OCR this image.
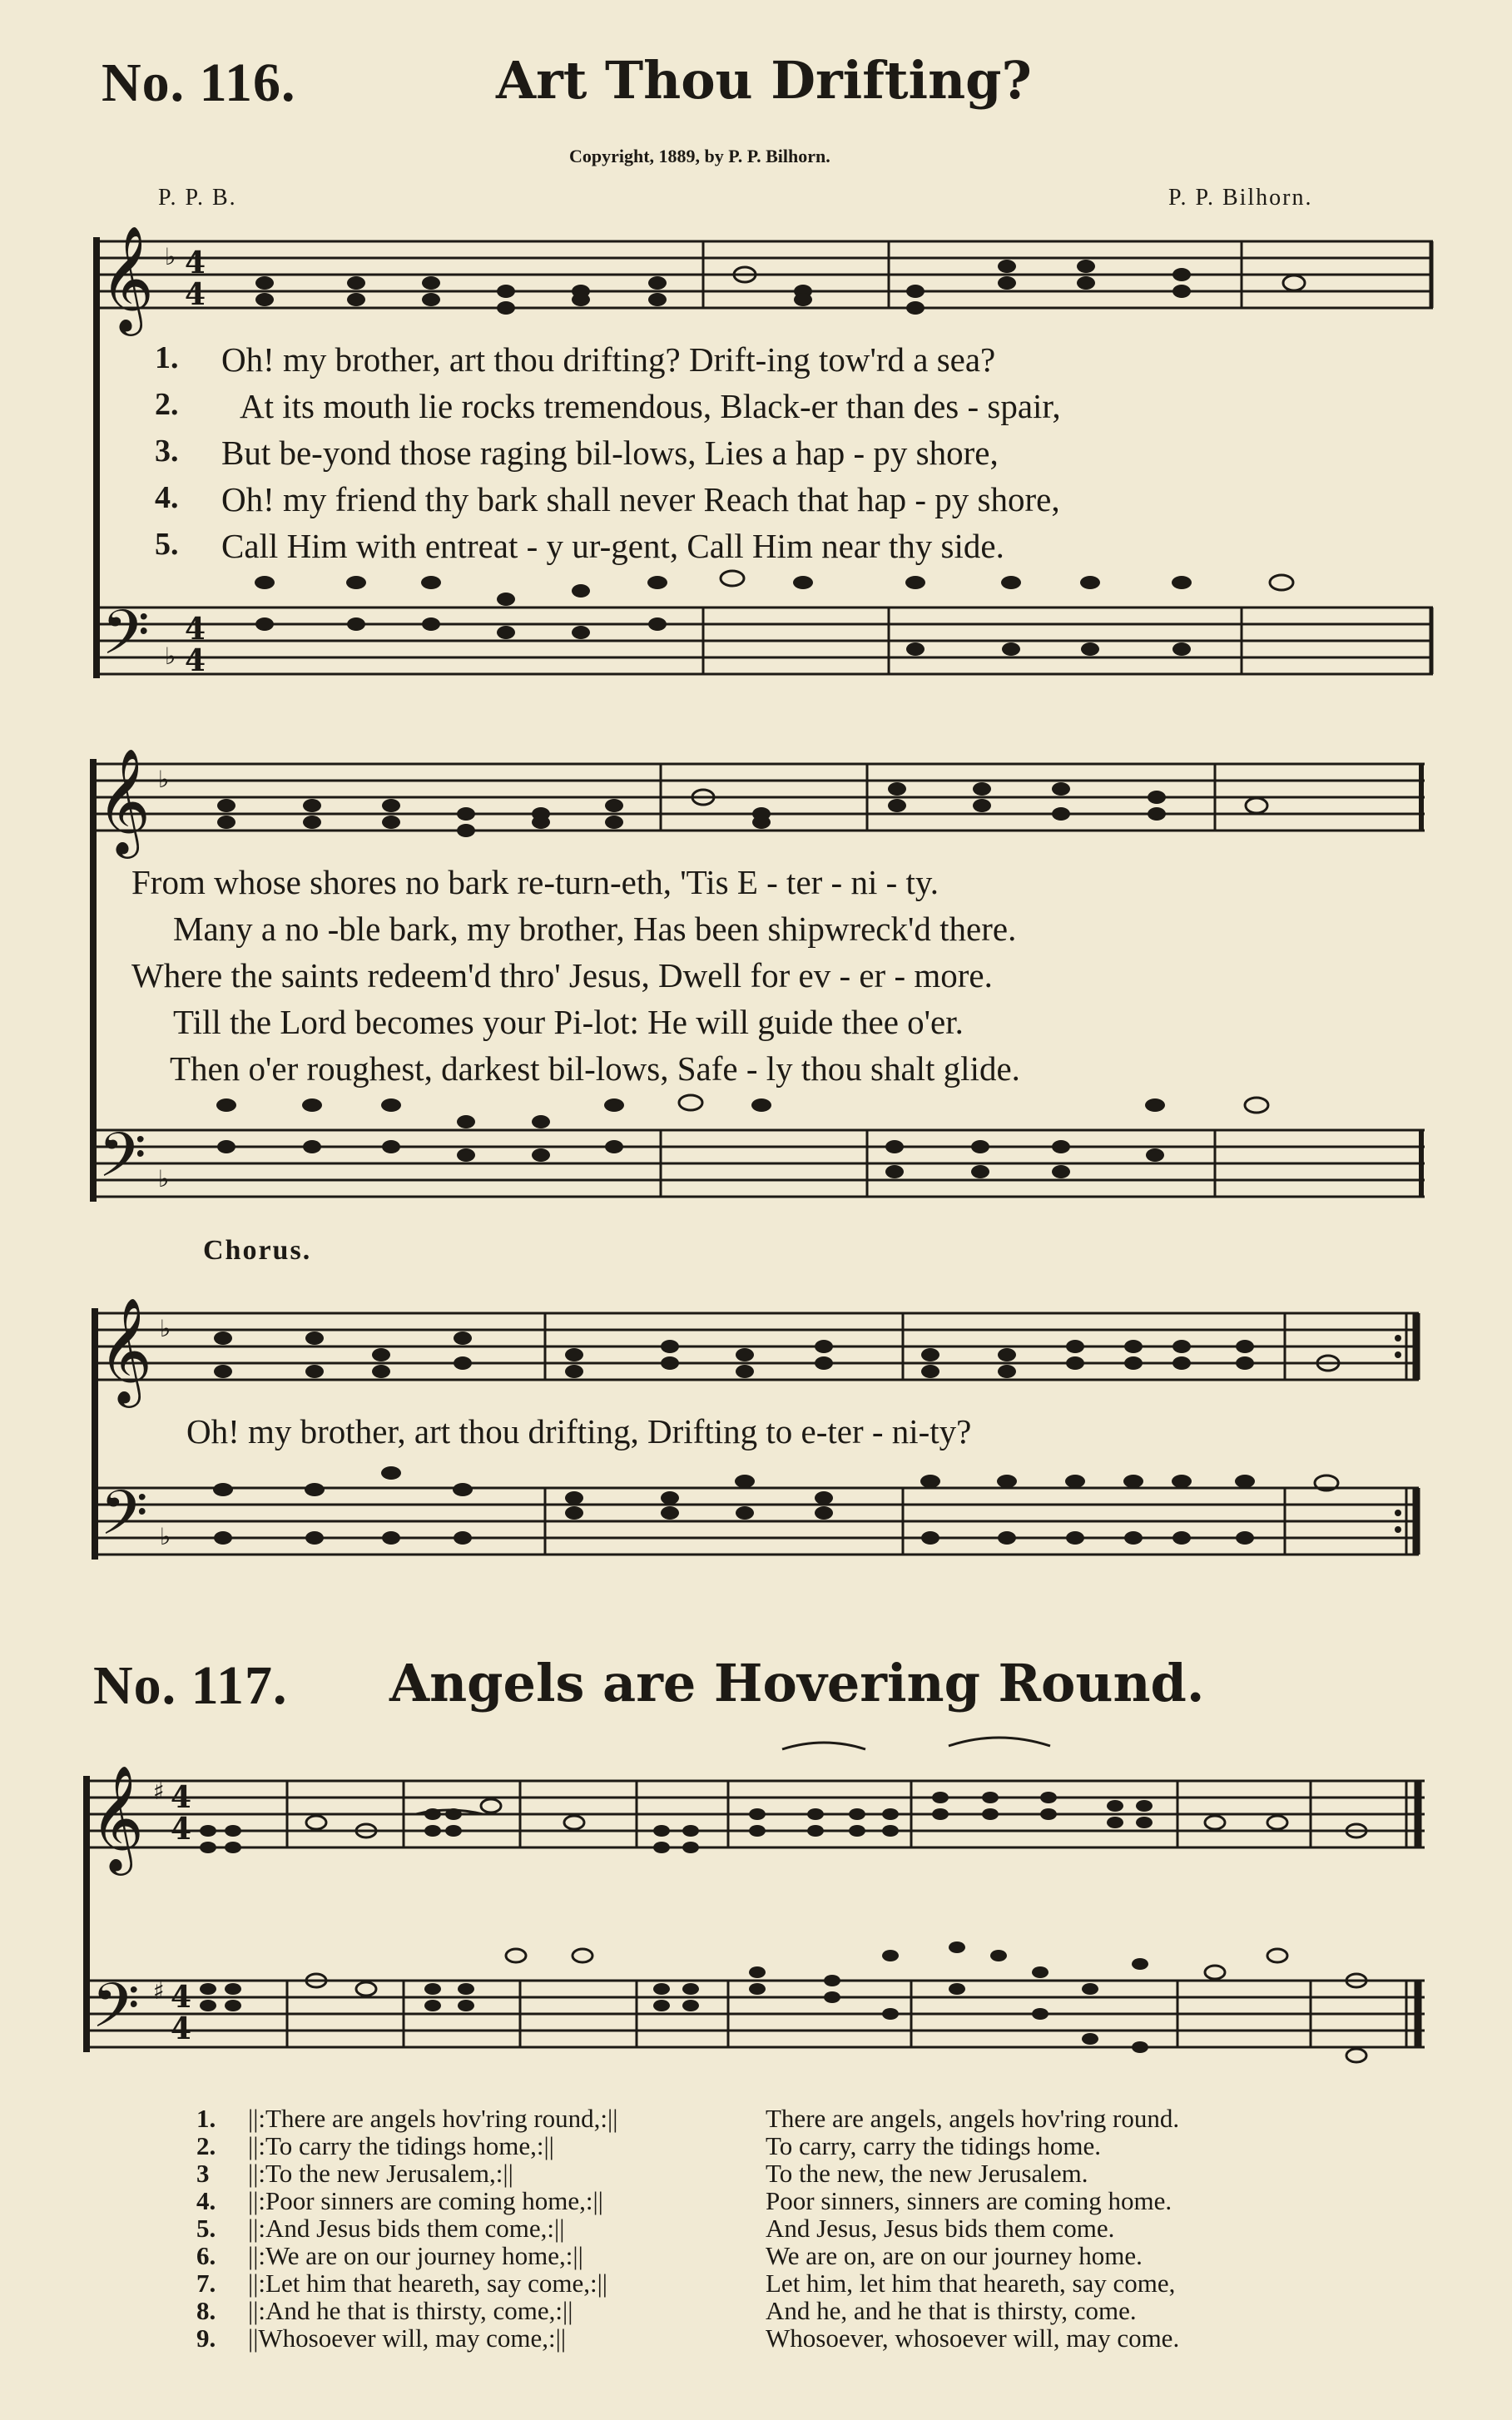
No. 116.	Art Thou Drifting?
Copyright, 1889, by P. P. Bilhorn.
P. P. B.	P. P. Bilhorn.
𝄞
𝄢
♭
♭
4
4
4
4
1.
2.
3.
4.
5.
Oh! my brother, art thou drifting? Drift-ing tow'rd a sea?
At its mouth lie rocks tremendous, Black-er than des - spair,
But be-yond those raging bil-lows, Lies a hap - py shore,
Oh! my friend thy bark shall never Reach that hap - py shore,
Call Him with entreat - y ur-gent, Call Him near thy side.
𝄞
𝄢
♭
♭
From whose shores no bark re-turn-eth, 'Tis E - ter - ni - ty.
Many a no -ble bark, my brother, Has been shipwreck'd there.
Where the saints redeem'd thro' Jesus, Dwell for ev - er - more.
Till the Lord becomes your Pi-lot: He will guide thee o'er.
Then o'er roughest, darkest bil-lows, Safe - ly thou shalt glide.
Chorus.
𝄞
𝄢
♭
♭
Oh! my brother, art thou drifting, Drifting to e-ter - ni-ty?
No. 117. Angels are Hovering Round.
𝄞
𝄢
♯
♯
4
4
4
4
1.
2.
3
4.
5.
6.
7.
8.
9.
||:There are angels hov'ring round,:||
||:To carry the tidings home,:||
||:To the new Jerusalem,:||
||:Poor sinners are coming home,:||
||:And Jesus bids them come,:||
||:We are on our journey home,:||
||:Let him that heareth, say come,:||
||:And he that is thirsty, come,:||
||Whosoever will, may come,:||
There are angels, angels hov'ring round.
To carry, carry the tidings home.
To the new, the new Jerusalem.
Poor sinners, sinners are coming home.
And Jesus, Jesus bids them come.
We are on, are on our journey home.
Let him, let him that heareth, say come,
And he, and he that is thirsty, come.
Whosoever, whosoever will, may come.
